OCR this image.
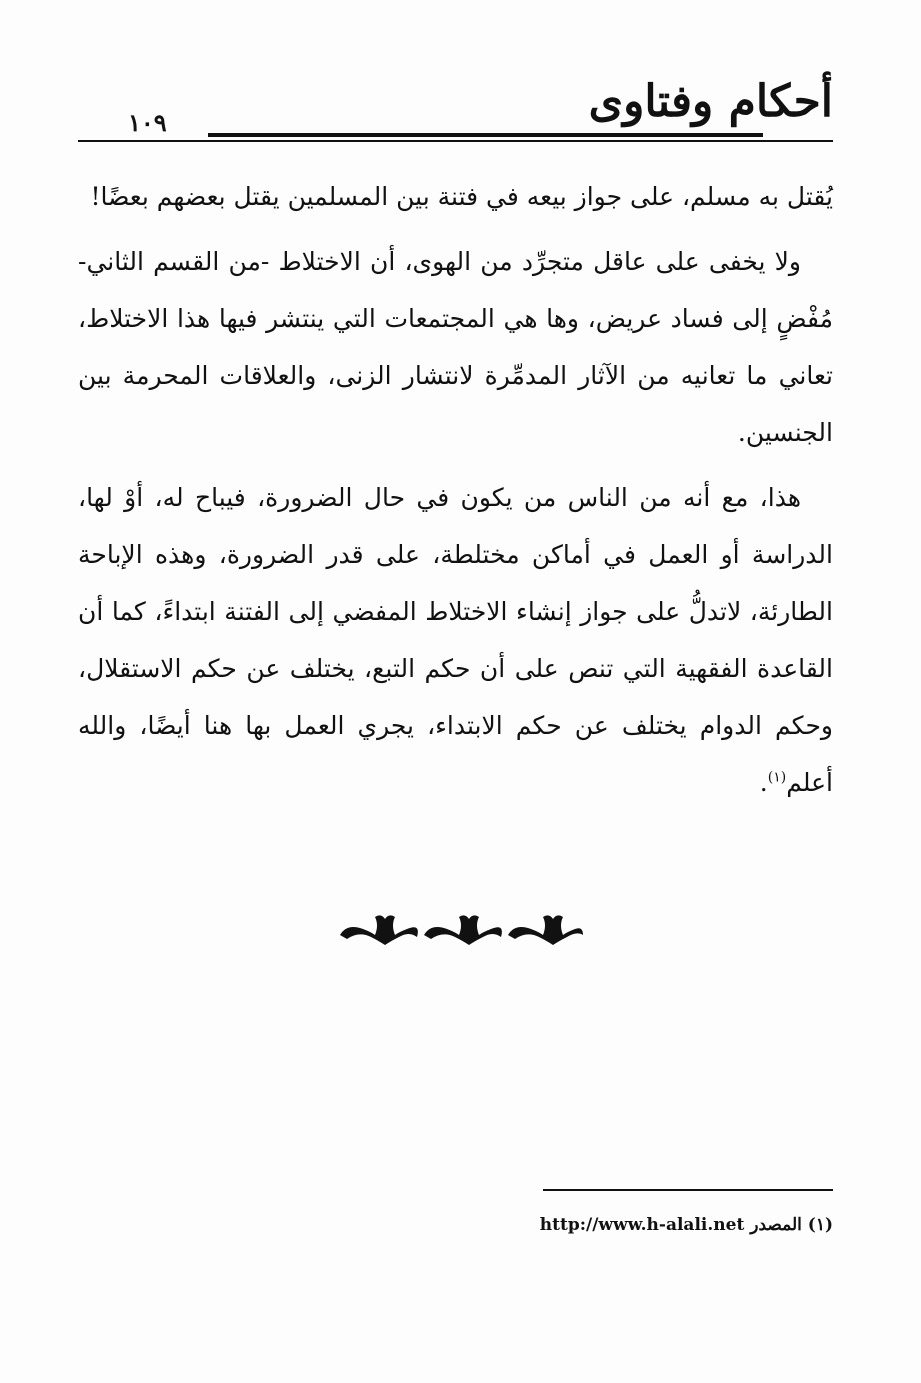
أحكام وفتاوى
١٠٩

يُقتل به مسلم، على جواز بيعه في فتنة بين المسلمين يقتل بعضهم بعضًا!

ولا يخفى على عاقل متجرِّد من الهوى، أن الاختلاط -من القسم الثاني- مُفْضٍ إلى فساد عريض، وها هي المجتمعات التي ينتشر فيها هذا الاختلاط، تعاني ما تعانيه من الآثار المدمِّرة لانتشار الزنى، والعلاقات المحرمة بين الجنسين.

هذا، مع أنه من الناس من يكون في حال الضرورة، فيباح له، أوْ لها، الدراسة أو العمل في أماكن مختلطة، على قدر الضرورة، وهذه الإباحة الطارئة، لاتدلُّ على جواز إنشاء الاختلاط المفضي إلى الفتنة ابتداءً، كما أن القاعدة الفقهية التي تنص على أن حكم التبع، يختلف عن حكم الاستقلال، وحكم الدوام يختلف عن حكم الابتداء، يجري العمل بها هنا أيضًا، والله أعلم$^{(١)}$.

(١) المصدر http://www.h-alali.net
